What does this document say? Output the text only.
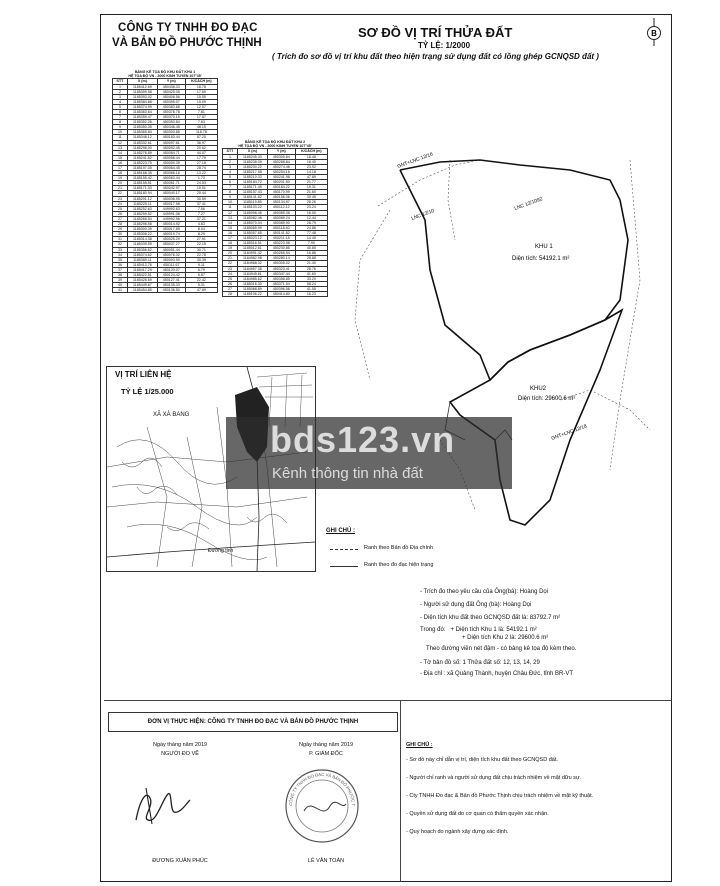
CÔNG TY TNHH ĐO ĐẠC
VÀ BẢN ĐỒ PHƯỚC THỊNH
SƠ ĐỒ VỊ TRÍ THỬA ĐẤT
TỶ LỆ: 1/2000
( Trích đo sơ đồ vị trí khu đất theo hiện trạng sử dụng đất có lồng ghép GCNQSD đất )
B
BẢNG KÊ TỌA ĐỘ KHU ĐẤT KHU 1
HỆ TỌA ĐỘ VN - 2000 KINH TUYẾN 107°45'
STT	X (m)	Y (m)	K/CÁCH (m)
1	1185412.69	450438.33	18.78
2	1185399.58	450425.05	17.69
3	1185393.02	450408.56	15.55
4	1185384.88	450395.07	15.09
5	1185374.99	450383.68	12.57
6	1185363.64	450376.78	7.81
7	1185359.47	450370.15	17.87
8	1185352.26	450353.84	7.63
9	1185350.35	450346.45	48.15
10	1185365.84	450300.85	118.78
11	1185348.12	450183.44	87.20
12	1185332.61	450097.61	36.97
13	1185296.00	450092.45	20.62
14	1185276.89	450084.71	44.07
15	1185241.52	450058.44	17.79
16	1185223.75	450059.39	27.18
17	1185197.05	450064.45	28.74
18	1185168.35	450066.18	13.22
19	1185155.42	450063.44	1.73
20	1185155.51	450061.71	24.53
21	1185171.33	450042.97	10.01
22	1185180.94	450040.17	20.44
23	1185201.12	450036.95	30.59
24	1185225.11	450017.98	37.41
25	1185252.63	449992.63	7.06
26	1185259.52	449991.08	7.27
27	1185266.54	449992.96	37.21
28	1185296.58	450014.92	4.83
29	1185300.39	450017.89	8.04
30	1185308.22	450019.74	8.29
31	1185314.38	450025.29	27.91
32	1185339.59	450037.27	22.15
33	1185356.62	450051.44	30.71
34	1185374.62	450076.32	22.78
35	1185389.11	450093.90	30.39
36	1185413.76	450111.67	9.11
37	1185417.29	450120.07	6.79
38	1185422.51	450124.42	6.87
39	1185428.69	450127.41	22.42
40	1185449.67	450135.33	5.31
41	1185454.85	450136.50	47.89
BẢNG KÊ TỌA ĐỘ KHU ĐẤT KHU 2
HỆ TỌA ĐỘ VN - 2000 KINH TUYẾN 107°45'
STT	X (m)	Y (m)	K/CÁCH (m)
1	1185245.33	450305.84	18.48
2	1185238.09	450288.84	16.40
3	1185230.22	450274.46	23.92
4	1185217.58	450254.16	14.18
5	1185210.33	450241.98	47.89
6	1185184.72	450201.50	21.77
7	1185171.49	450184.22	19.31
8	1185157.43	450170.99	21.60
9	1185141.82	450156.06	30.45
10	1185119.85	450134.97	28.26
11	1185103.22	450112.12	23.24
12	1185098.46	450089.38	16.00
13	1185082.46	450089.24	12.44
14	1185070.04	450089.90	28.79
15	1185065.99	450118.40	24.86
16	1185057.65	450141.82	77.48
17	1185023.12	450211.18	14.40
18	1185016.51	450223.98	7.90
19	1185012.61	450230.85	40.65
20	1184991.42	450265.54	16.86
21	1184982.98	450280.14	28.88
22	1184968.32	450305.02	21.40
23	1184957.38	450323.41	26.76
24	1184945.61	450347.44	41.60
25	1184985.62	450358.85	33.20
26	1185016.30	450371.54	58.24
27	1185068.89	450396.56	41.55
28	1185106.22	450414.80	16.23
GNT+LNC 12/16
LNC 12/10
LNC 12/1092
KHU 1
Diện tích: 54192.1 m²
KHU2
Diện tích: 29600.6 m²
GNT+LNC 12/18
VỊ TRÍ LIÊN HỆ
TỶ LỆ 1/25.000
XÃ XÀ BANG
Đường tỉnh
bds123.vn
Kênh thông tin nhà đất
GHI CHÚ :
Ranh theo Bản đồ Địa chính
Ranh theo đo đạc hiện trạng
- Trích đo theo yêu cầu của Ông(bà): Hoàng Dọi
- Người sử dụng đất Ông (bà): Hoàng Dọi
- Diện tích khu đất theo GCNQSD đất là: 83792.7 m²
Trong đó: + Diện tích Khu 1 là: 54192.1 m²
+ Diện tích Khu 2 là: 29600.6 m²
Theo đường viền nét đậm - có bảng kê tọa độ kèm theo.
- Tờ bản đồ số: 1 Thửa đất số: 12, 13, 14, 29
- Địa chỉ : xã Quảng Thành, huyện Châu Đức, tỉnh BR-VT
ĐƠN VỊ THỰC HIỆN: CÔNG TY TNHH ĐO ĐẠC VÀ BẢN ĐỒ PHƯỚC THỊNH
Ngày tháng năm 2019
NGƯỜI ĐO VẼ
ĐƯƠNG XUÂN PHÚC
Ngày tháng năm 2019
P. GIÁM ĐỐC
CÔNG TY TNHH ĐO ĐẠC VÀ BẢN ĐỒ PHƯỚC T
LÊ VĂN TOÀN
GHI CHÚ :
- Sơ đồ này chỉ dẫn vị trí, diện tích khu đất theo GCNQSD đất.
- Người chỉ ranh và người sử dụng đất chịu trách nhiệm về mặt dữu sự.
- Cty TNHH Đo đạc & Bản đồ Phước Thịnh chịu trách nhiệm về mặt kỹ thuật.
- Quyền sử dụng đất do cơ quan có thẩm quyền xác nhận.
- Quy hoạch do ngành xây dựng xác định.
